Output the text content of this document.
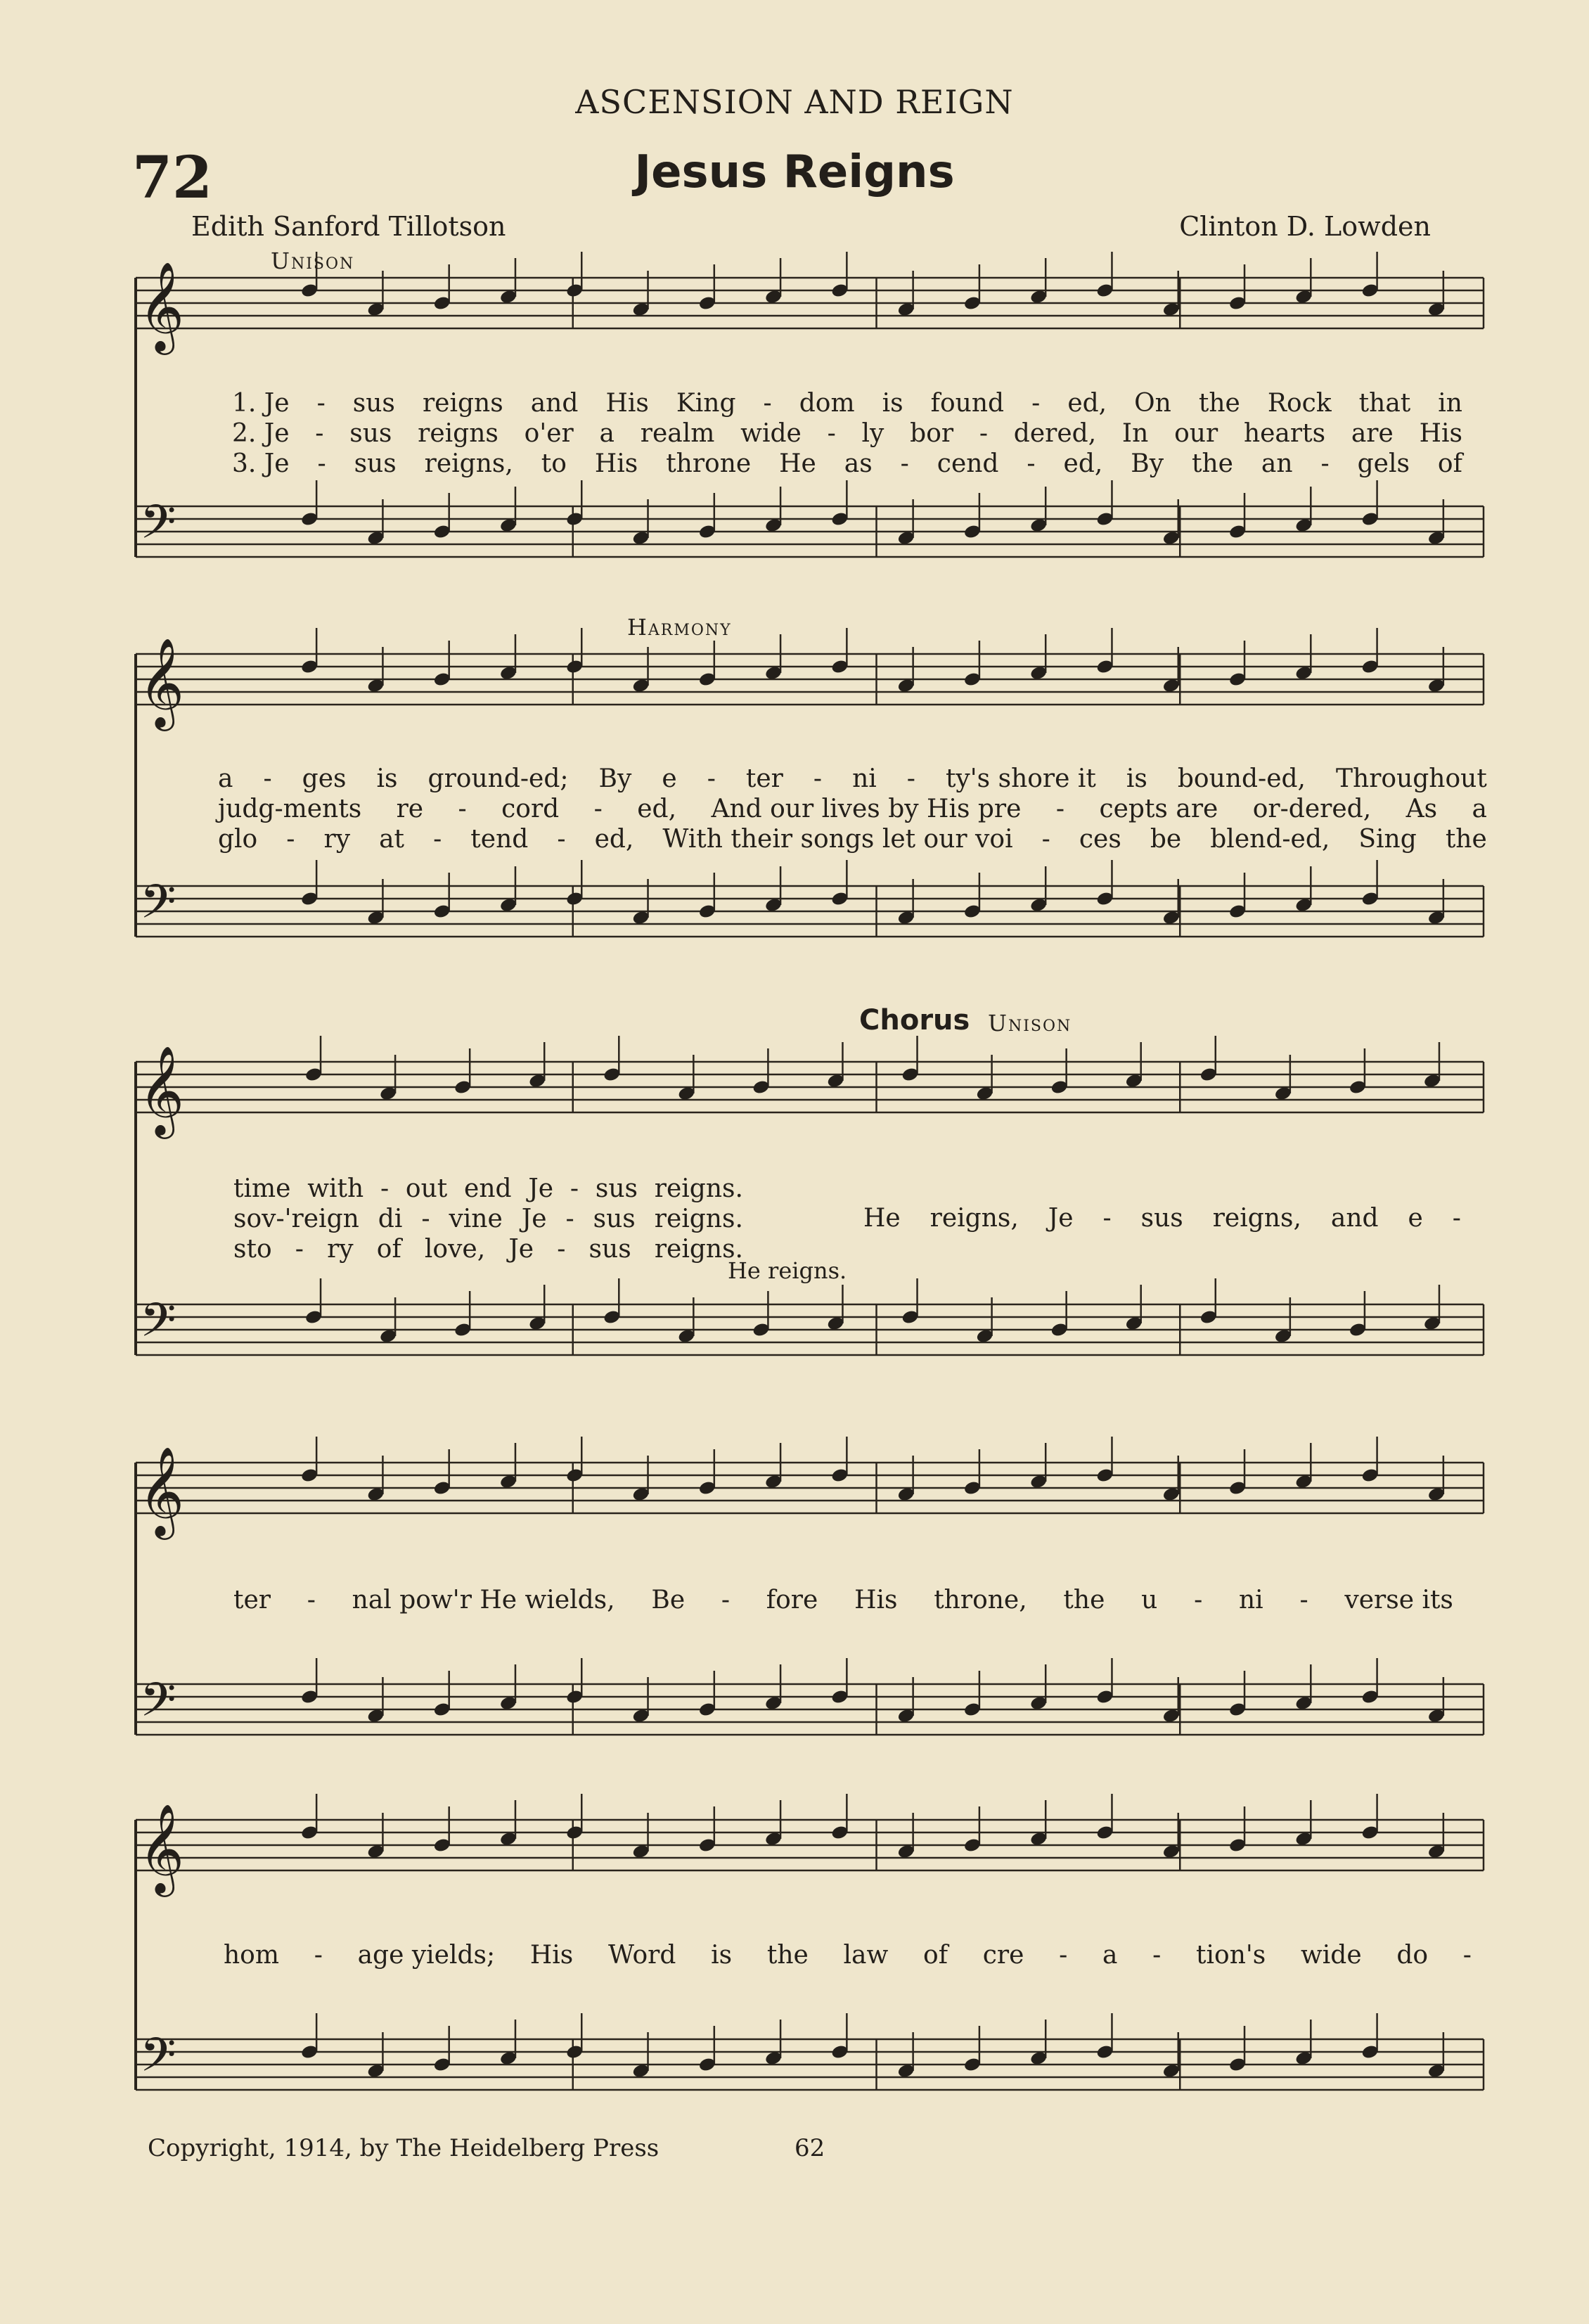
ASCENSION AND REIGN
72	Jesus Reigns
Edith Sanford Tillotson	Clinton D. Lowden
Unison
Harmony
Chorus Unison
He reigns.
𝄞
𝄢
𝄞
𝄢
𝄞
𝄢
𝄞
𝄢
𝄞
𝄢
1. Je - sus reigns and His King - dom is found - ed, On the Rock that in
2. Je - sus reigns o'er a realm wide - ly bor - dered, In our hearts are His
3. Je - sus reigns, to His throne He as - cend - ed, By the an - gels of
a - ges is ground-ed; By e - ter - ni - ty's shore it is bound-ed, Throughout
judg-ments re - cord - ed, And our lives by His pre - cepts are or-dered, As a
glo - ry at - tend - ed, With their songs let our voi - ces be blend-ed, Sing the
time with - out end Je - sus reigns.
sov-'reign di - vine Je - sus reigns.
sto - ry of love, Je - sus reigns.
He reigns, Je - sus reigns, and e -
ter - nal pow'r He wields, Be - fore His throne, the u - ni - verse its
hom - age yields; His Word is the law of cre - a - tion's wide do -
Copyright, 1914, by The Heidelberg Press	62
